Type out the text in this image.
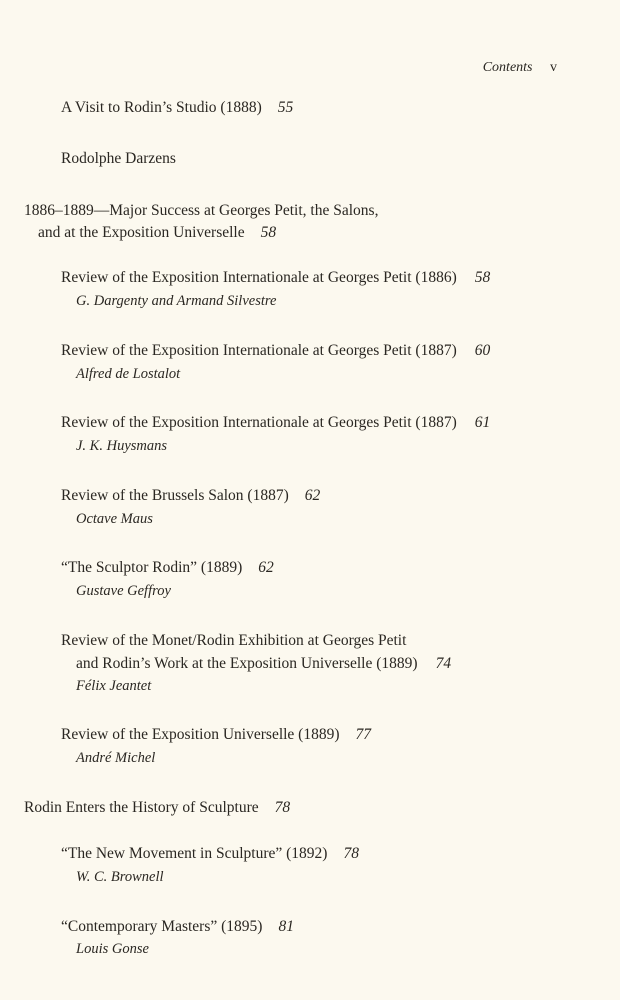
Contents v
A Visit to Rodin’s Studio (1888) 55
Rodolphe Darzens
1886–1889—Major Success at Georges Petit, the Salons,
and at the Exposition Universelle 58
Review of the Exposition Internationale at Georges Petit (1886) 58
G. Dargenty and Armand Silvestre
Review of the Exposition Internationale at Georges Petit (1887) 60
Alfred de Lostalot
Review of the Exposition Internationale at Georges Petit (1887) 61
J. K. Huysmans
Review of the Brussels Salon (1887) 62
Octave Maus
“The Sculptor Rodin” (1889) 62
Gustave Geffroy
Review of the Monet/Rodin Exhibition at Georges Petit
and Rodin’s Work at the Exposition Universelle (1889) 74
Félix Jeantet
Review of the Exposition Universelle (1889) 77
André Michel
Rodin Enters the History of Sculpture 78
“The New Movement in Sculpture” (1892) 78
W. C. Brownell
“Contemporary Masters” (1895) 81
Louis Gonse
